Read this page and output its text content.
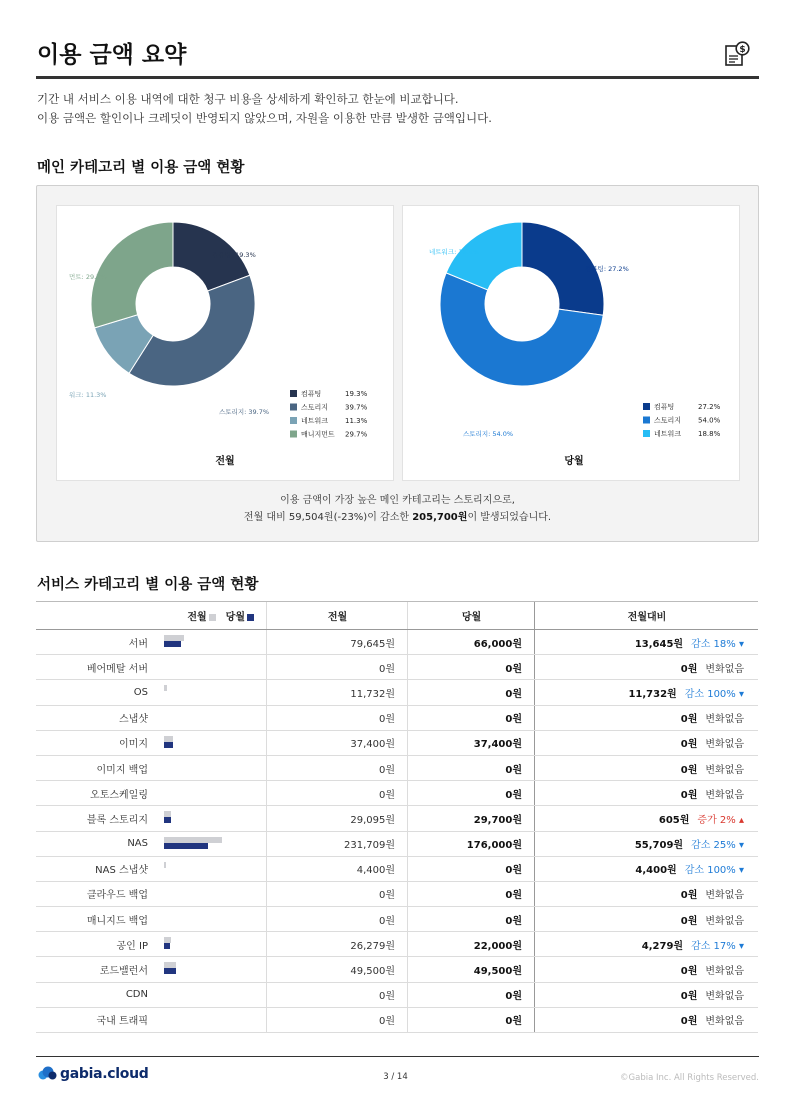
이용 금액 요약	$
기간 내 서비스 이용 내역에 대한 청구 비용을 상세하게 확인하고 한눈에 비교합니다.
이용 금액은 할인이나 크레딧이 반영되지 않았으며, 자원을 이용한 만큼 발생한 금액입니다.
메인 카테고리 별 이용 금액 현황
컴퓨팅: 19.3%
스토리지: 39.7%
워크: 11.3%
먼트: 29.7%
컴퓨팅	19.3%
스토리지 39.7%
네트워크 11.3%
매니지먼트 29.7%
전월
컴퓨팅: 27.2%
스토리지: 54.0%
네트워크: 18.8%
컴퓨팅	27.2%
스토리지 54.0%
네트워크 18.8%
당월
이용 금액이 가장 높은 메인 카테고리는 스토리지으로,
전월 대비 59,504원(-23%)이 감소한 205,700원이 발생되었습니다.
서비스 카테고리 별 이용 금액 현황
전월 당월		전월	당월	전월대비
서버		79,645원	66,000원	13,645원 감소 18% ▾
베어메탈 서버		0원	0원	0원 변화없음
OS		11,732원	0원	11,732원 감소 100% ▾
스냅샷		0원	0원	0원 변화없음
이미지		37,400원	37,400원	0원 변화없음
이미지 백업		0원	0원	0원 변화없음
오토스케일링		0원	0원	0원 변화없음
블록 스토리지		29,095원	29,700원	605원 증가 2% ▴
NAS		231,709원	176,000원	55,709원 감소 25% ▾
NAS 스냅샷		4,400원	0원	4,400원 감소 100% ▾
클라우드 백업		0원	0원	0원 변화없음
매니지드 백업		0원	0원	0원 변화없음
공인 IP		26,279원	22,000원	4,279원 감소 17% ▾
로드밸런서		49,500원	49,500원	0원 변화없음
CDN		0원	0원	0원 변화없음
국내 트래픽		0원	0원	0원 변화없음
gabia.cloud	3 / 14	©Gabia Inc. All Rights Reserved.
